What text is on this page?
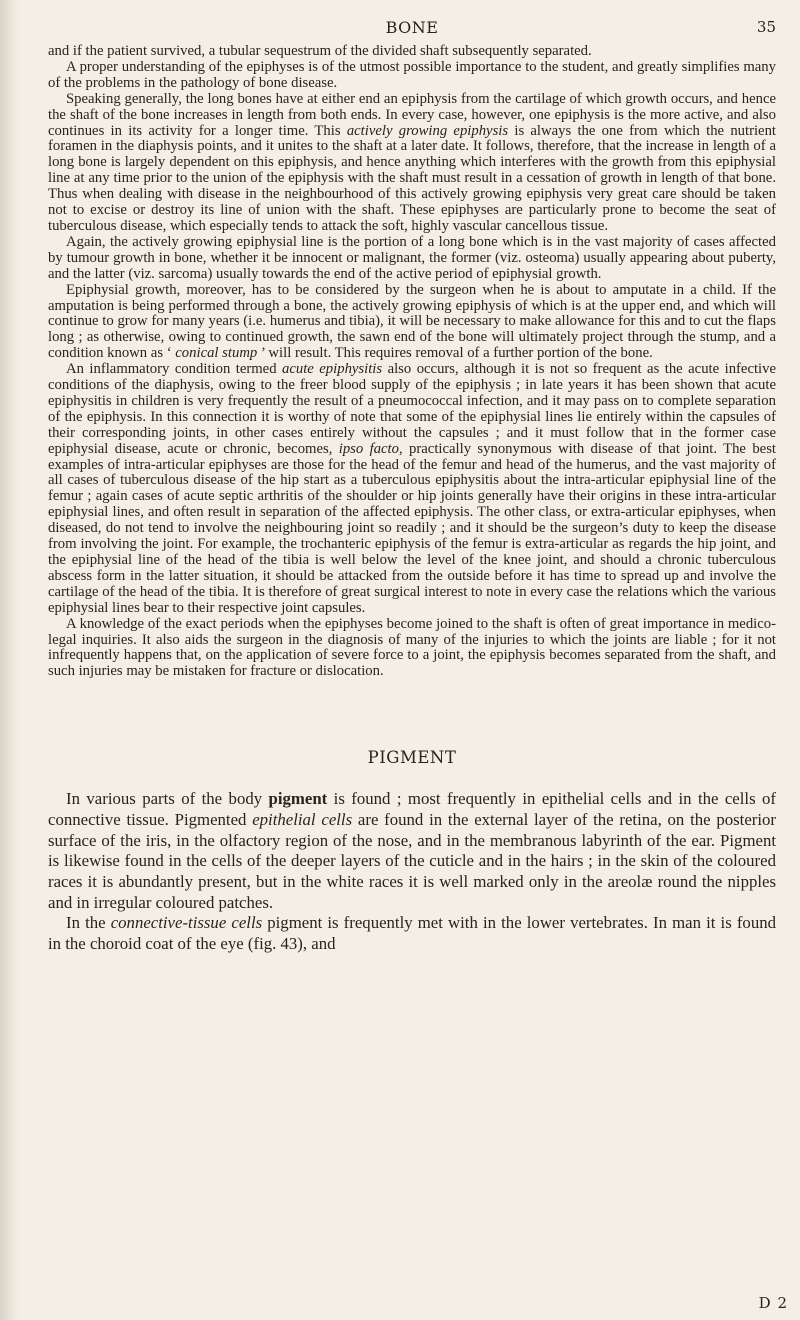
BONE	35

and if the patient survived, a tubular sequestrum of the divided shaft subsequently separated.

A proper understanding of the epiphyses is of the utmost possible importance to the student, and greatly simplifies many of the problems in the pathology of bone disease.

Speaking generally, the long bones have at either end an epiphysis from the cartilage of which growth occurs, and hence the shaft of the bone increases in length from both ends. In every case, however, one epiphysis is the more active, and also continues in its activity for a longer time. This actively growing epiphysis is always the one from which the nutrient foramen in the diaphysis points, and it unites to the shaft at a later date. It follows, therefore, that the increase in length of a long bone is largely dependent on this epiphysis, and hence anything which interferes with the growth from this epiphysial line at any time prior to the union of the epiphysis with the shaft must result in a cessation of growth in length of that bone. Thus when dealing with disease in the neighbourhood of this actively growing epiphysis very great care should be taken not to excise or destroy its line of union with the shaft. These epiphyses are particularly prone to become the seat of tuberculous disease, which especially tends to attack the soft, highly vascular cancellous tissue.

Again, the actively growing epiphysial line is the portion of a long bone which is in the vast majority of cases affected by tumour growth in bone, whether it be innocent or malignant, the former (viz. osteoma) usually appearing about puberty, and the latter (viz. sarcoma) usually towards the end of the active period of epiphysial growth.

Epiphysial growth, moreover, has to be considered by the surgeon when he is about to amputate in a child. If the amputation is being performed through a bone, the actively growing epiphysis of which is at the upper end, and which will continue to grow for many years (i.e. humerus and tibia), it will be necessary to make allowance for this and to cut the flaps long ; as otherwise, owing to continued growth, the sawn end of the bone will ultimately project through the stump, and a condition known as ‘ conical stump ’ will result. This requires removal of a further portion of the bone.

An inflammatory condition termed acute epiphysitis also occurs, although it is not so frequent as the acute infective conditions of the diaphysis, owing to the freer blood supply of the epiphysis ; in late years it has been shown that acute epiphysitis in children is very frequently the result of a pneumococcal infection, and it may pass on to complete separation of the epiphysis. In this connection it is worthy of note that some of the epiphysial lines lie entirely within the capsules of their corresponding joints, in other cases entirely without the capsules ; and it must follow that in the former case epiphysial disease, acute or chronic, becomes, ipso facto, practically synonymous with disease of that joint. The best examples of intra-articular epiphyses are those for the head of the femur and head of the humerus, and the vast majority of all cases of tuberculous disease of the hip start as a tuberculous epiphysitis about the intra-articular epiphysial line of the femur ; again cases of acute septic arthritis of the shoulder or hip joints generally have their origins in these intra-articular epiphysial lines, and often result in separation of the affected epiphysis. The other class, or extra-articular epiphyses, when diseased, do not tend to involve the neighbouring joint so readily ; and it should be the surgeon’s duty to keep the disease from involving the joint. For example, the trochanteric epiphysis of the femur is extra-articular as regards the hip joint, and the epiphysial line of the head of the tibia is well below the level of the knee joint, and should a chronic tuberculous abscess form in the latter situation, it should be attacked from the outside before it has time to spread up and involve the cartilage of the head of the tibia. It is therefore of great surgical interest to note in every case the relations which the various epiphysial lines bear to their respective joint capsules.

A knowledge of the exact periods when the epiphyses become joined to the shaft is often of great importance in medico-legal inquiries. It also aids the surgeon in the diagnosis of many of the injuries to which the joints are liable ; for it not infrequently happens that, on the application of severe force to a joint, the epiphysis becomes separated from the shaft, and such injuries may be mistaken for fracture or dislocation.

PIGMENT

In various parts of the body pigment is found ; most frequently in epithelial cells and in the cells of connective tissue. Pigmented epithelial cells are found in the external layer of the retina, on the posterior surface of the iris, in the olfactory region of the nose, and in the membranous labyrinth of the ear. Pigment is likewise found in the cells of the deeper layers of the cuticle and in the hairs ; in the skin of the coloured races it is abundantly present, but in the white races it is well marked only in the areolæ round the nipples and in irregular coloured patches.

In the connective-tissue cells pigment is frequently met with in the lower vertebrates. In man it is found in the choroid coat of the eye (fig. 43), and

D 2
